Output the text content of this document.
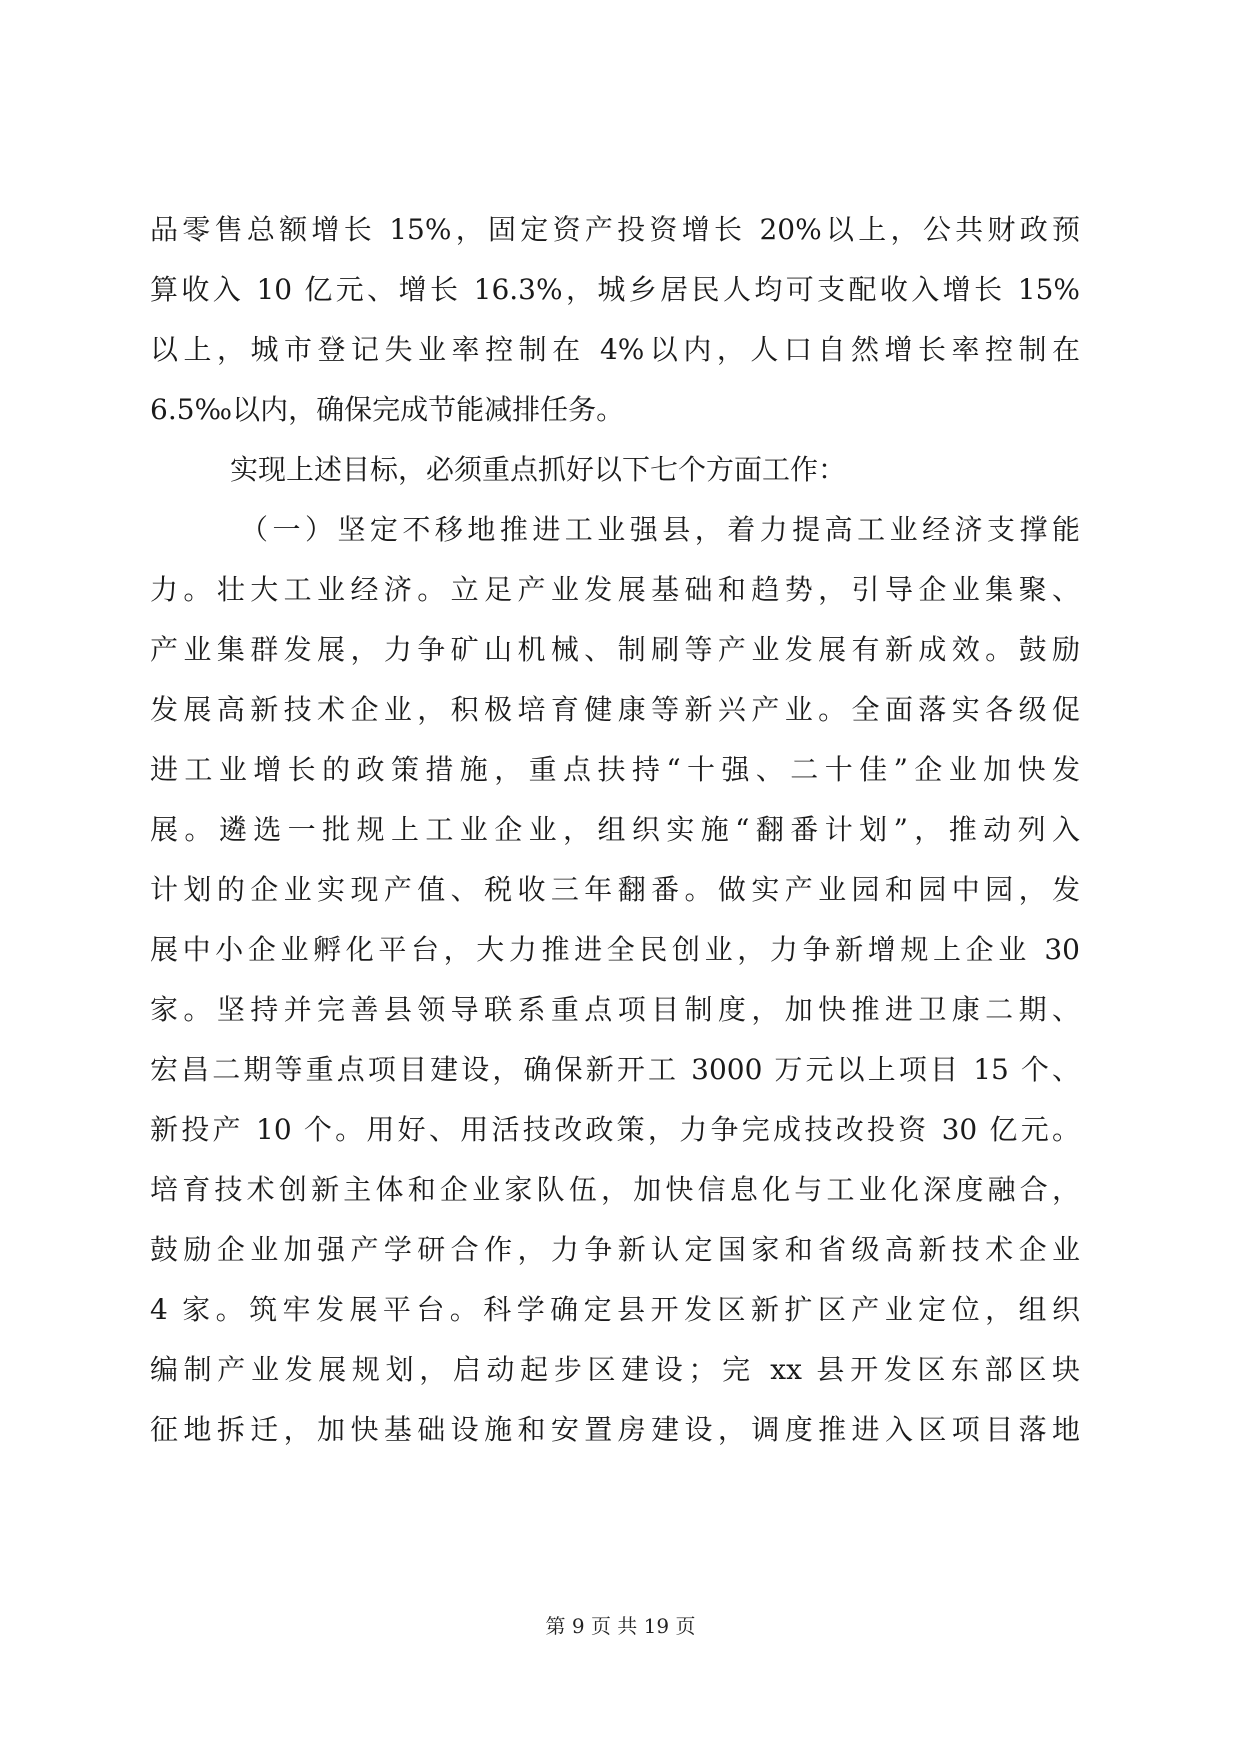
品零售总额增长 15%，固定资产投资增长 20%以上，公共财政预
算收入 10 亿元、增长 16.3%，城乡居民人均可支配收入增长 15%
以上，城市登记失业率控制在 4%以内，人口自然增长率控制在
6.5‰以内，确保完成节能减排任务。
实现上述目标，必须重点抓好以下七个方面工作：
（一）坚定不移地推进工业强县，着力提高工业经济支撑能
力。壮大工业经济。立足产业发展基础和趋势，引导企业集聚、
产业集群发展，力争矿山机械、制刷等产业发展有新成效。鼓励
发展高新技术企业，积极培育健康等新兴产业。全面落实各级促
进工业增长的政策措施，重点扶持“十强、二十佳”企业加快发
展。遴选一批规上工业企业，组织实施“翻番计划”，推动列入
计划的企业实现产值、税收三年翻番。做实产业园和园中园，发
展中小企业孵化平台，大力推进全民创业，力争新增规上企业 30
家。坚持并完善县领导联系重点项目制度，加快推进卫康二期、
宏昌二期等重点项目建设，确保新开工 3000 万元以上项目 15 个、
新投产 10 个。用好、用活技改政策，力争完成技改投资 30 亿元。
培育技术创新主体和企业家队伍，加快信息化与工业化深度融合，
鼓励企业加强产学研合作，力争新认定国家和省级高新技术企业
4 家。筑牢发展平台。科学确定县开发区新扩区产业定位，组织
编制产业发展规划，启动起步区建设；完 xx 县开发区东部区块
征地拆迁，加快基础设施和安置房建设，调度推进入区项目落地
第 9 页 共 19 页
